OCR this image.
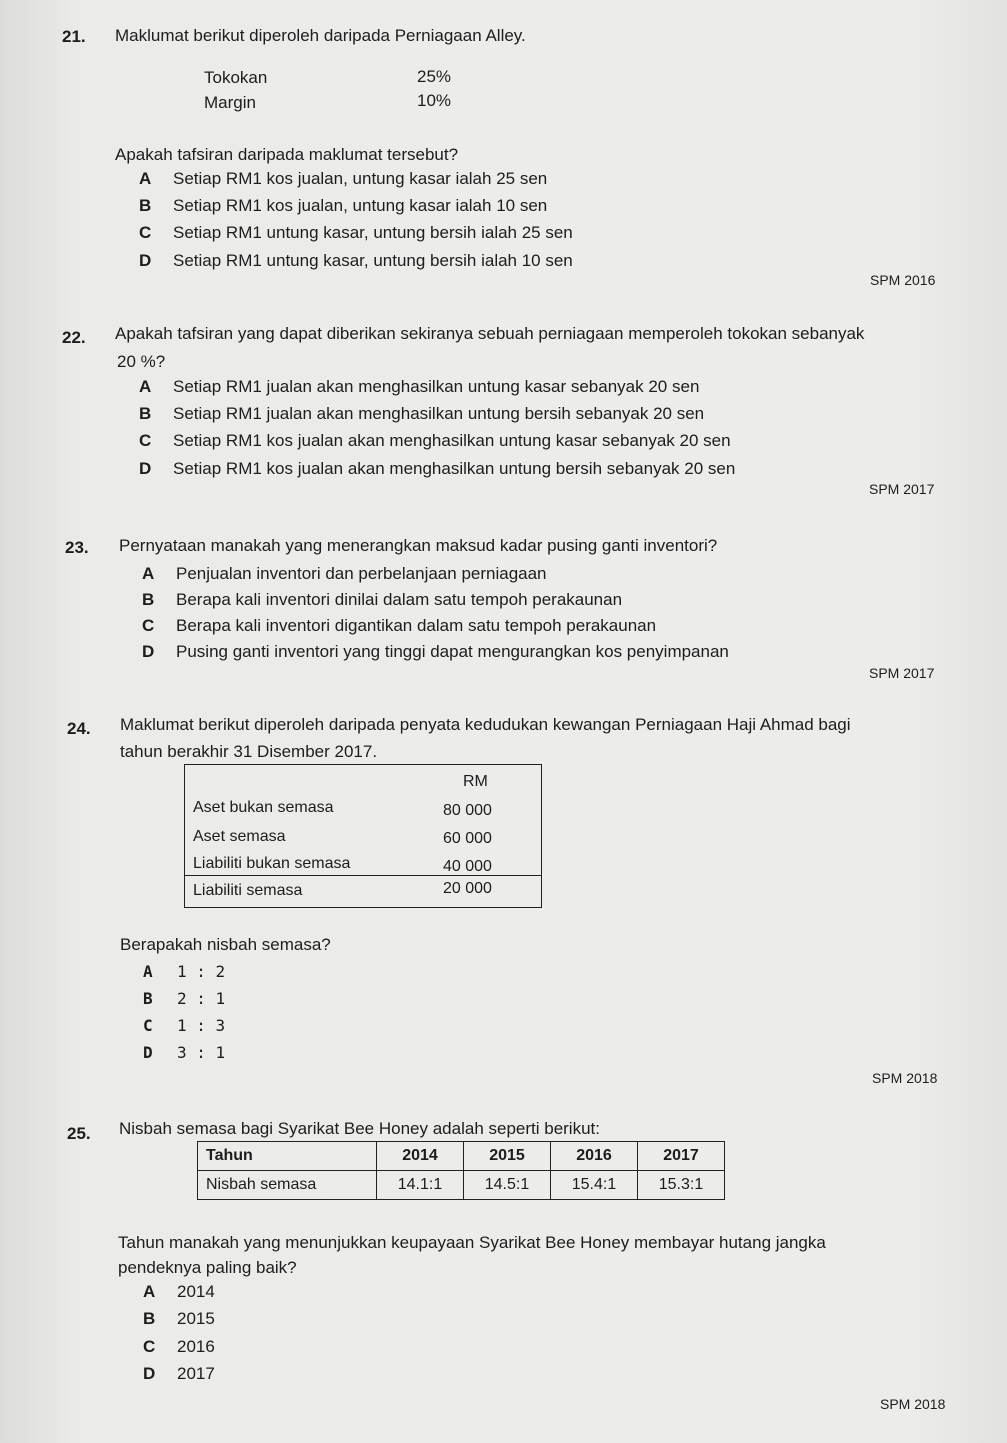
21. Maklumat berikut diperoleh daripada Perniagaan Alley.
Tokokan	25%
Margin	10%
Apakah tafsiran daripada maklumat tersebut?
A Setiap RM1 kos jualan, untung kasar ialah 25 sen
B Setiap RM1 kos jualan, untung kasar ialah 10 sen
C Setiap RM1 untung kasar, untung bersih ialah 25 sen
D Setiap RM1 untung kasar, untung bersih ialah 10 sen
SPM 2016
22. Apakah tafsiran yang dapat diberikan sekiranya sebuah perniagaan memperoleh tokokan sebanyak
20 %?
A Setiap RM1 jualan akan menghasilkan untung kasar sebanyak 20 sen
B Setiap RM1 jualan akan menghasilkan untung bersih sebanyak 20 sen
C Setiap RM1 kos jualan akan menghasilkan untung kasar sebanyak 20 sen
D Setiap RM1 kos jualan akan menghasilkan untung bersih sebanyak 20 sen
SPM 2017
23. Pernyataan manakah yang menerangkan maksud kadar pusing ganti inventori?
A Penjualan inventori dan perbelanjaan perniagaan
B Berapa kali inventori dinilai dalam satu tempoh perakaunan
C Berapa kali inventori digantikan dalam satu tempoh perakaunan
D Pusing ganti inventori yang tinggi dapat mengurangkan kos penyimpanan
SPM 2017
24. Maklumat berikut diperoleh daripada penyata kedudukan kewangan Perniagaan Haji Ahmad bagi
tahun berakhir 31 Disember 2017.
RM
Aset bukan semasa	80 000
Aset semasa	60 000
Liabiliti bukan semasa	40 000
Liabiliti semasa	20 000
Berapakah nisbah semasa?
A 1 : 2
B 2 : 1
C 1 : 3
D 3 : 1
SPM 2018
25. Nisbah semasa bagi Syarikat Bee Honey adalah seperti berikut:
Tahun	2014	2015	2016	2017
Nisbah semasa	14.1:1	14.5:1	15.4:1	15.3:1
Tahun manakah yang menunjukkan keupayaan Syarikat Bee Honey membayar hutang jangka
pendeknya paling baik?
A 2014
B 2015
C 2016
D 2017
SPM 2018
